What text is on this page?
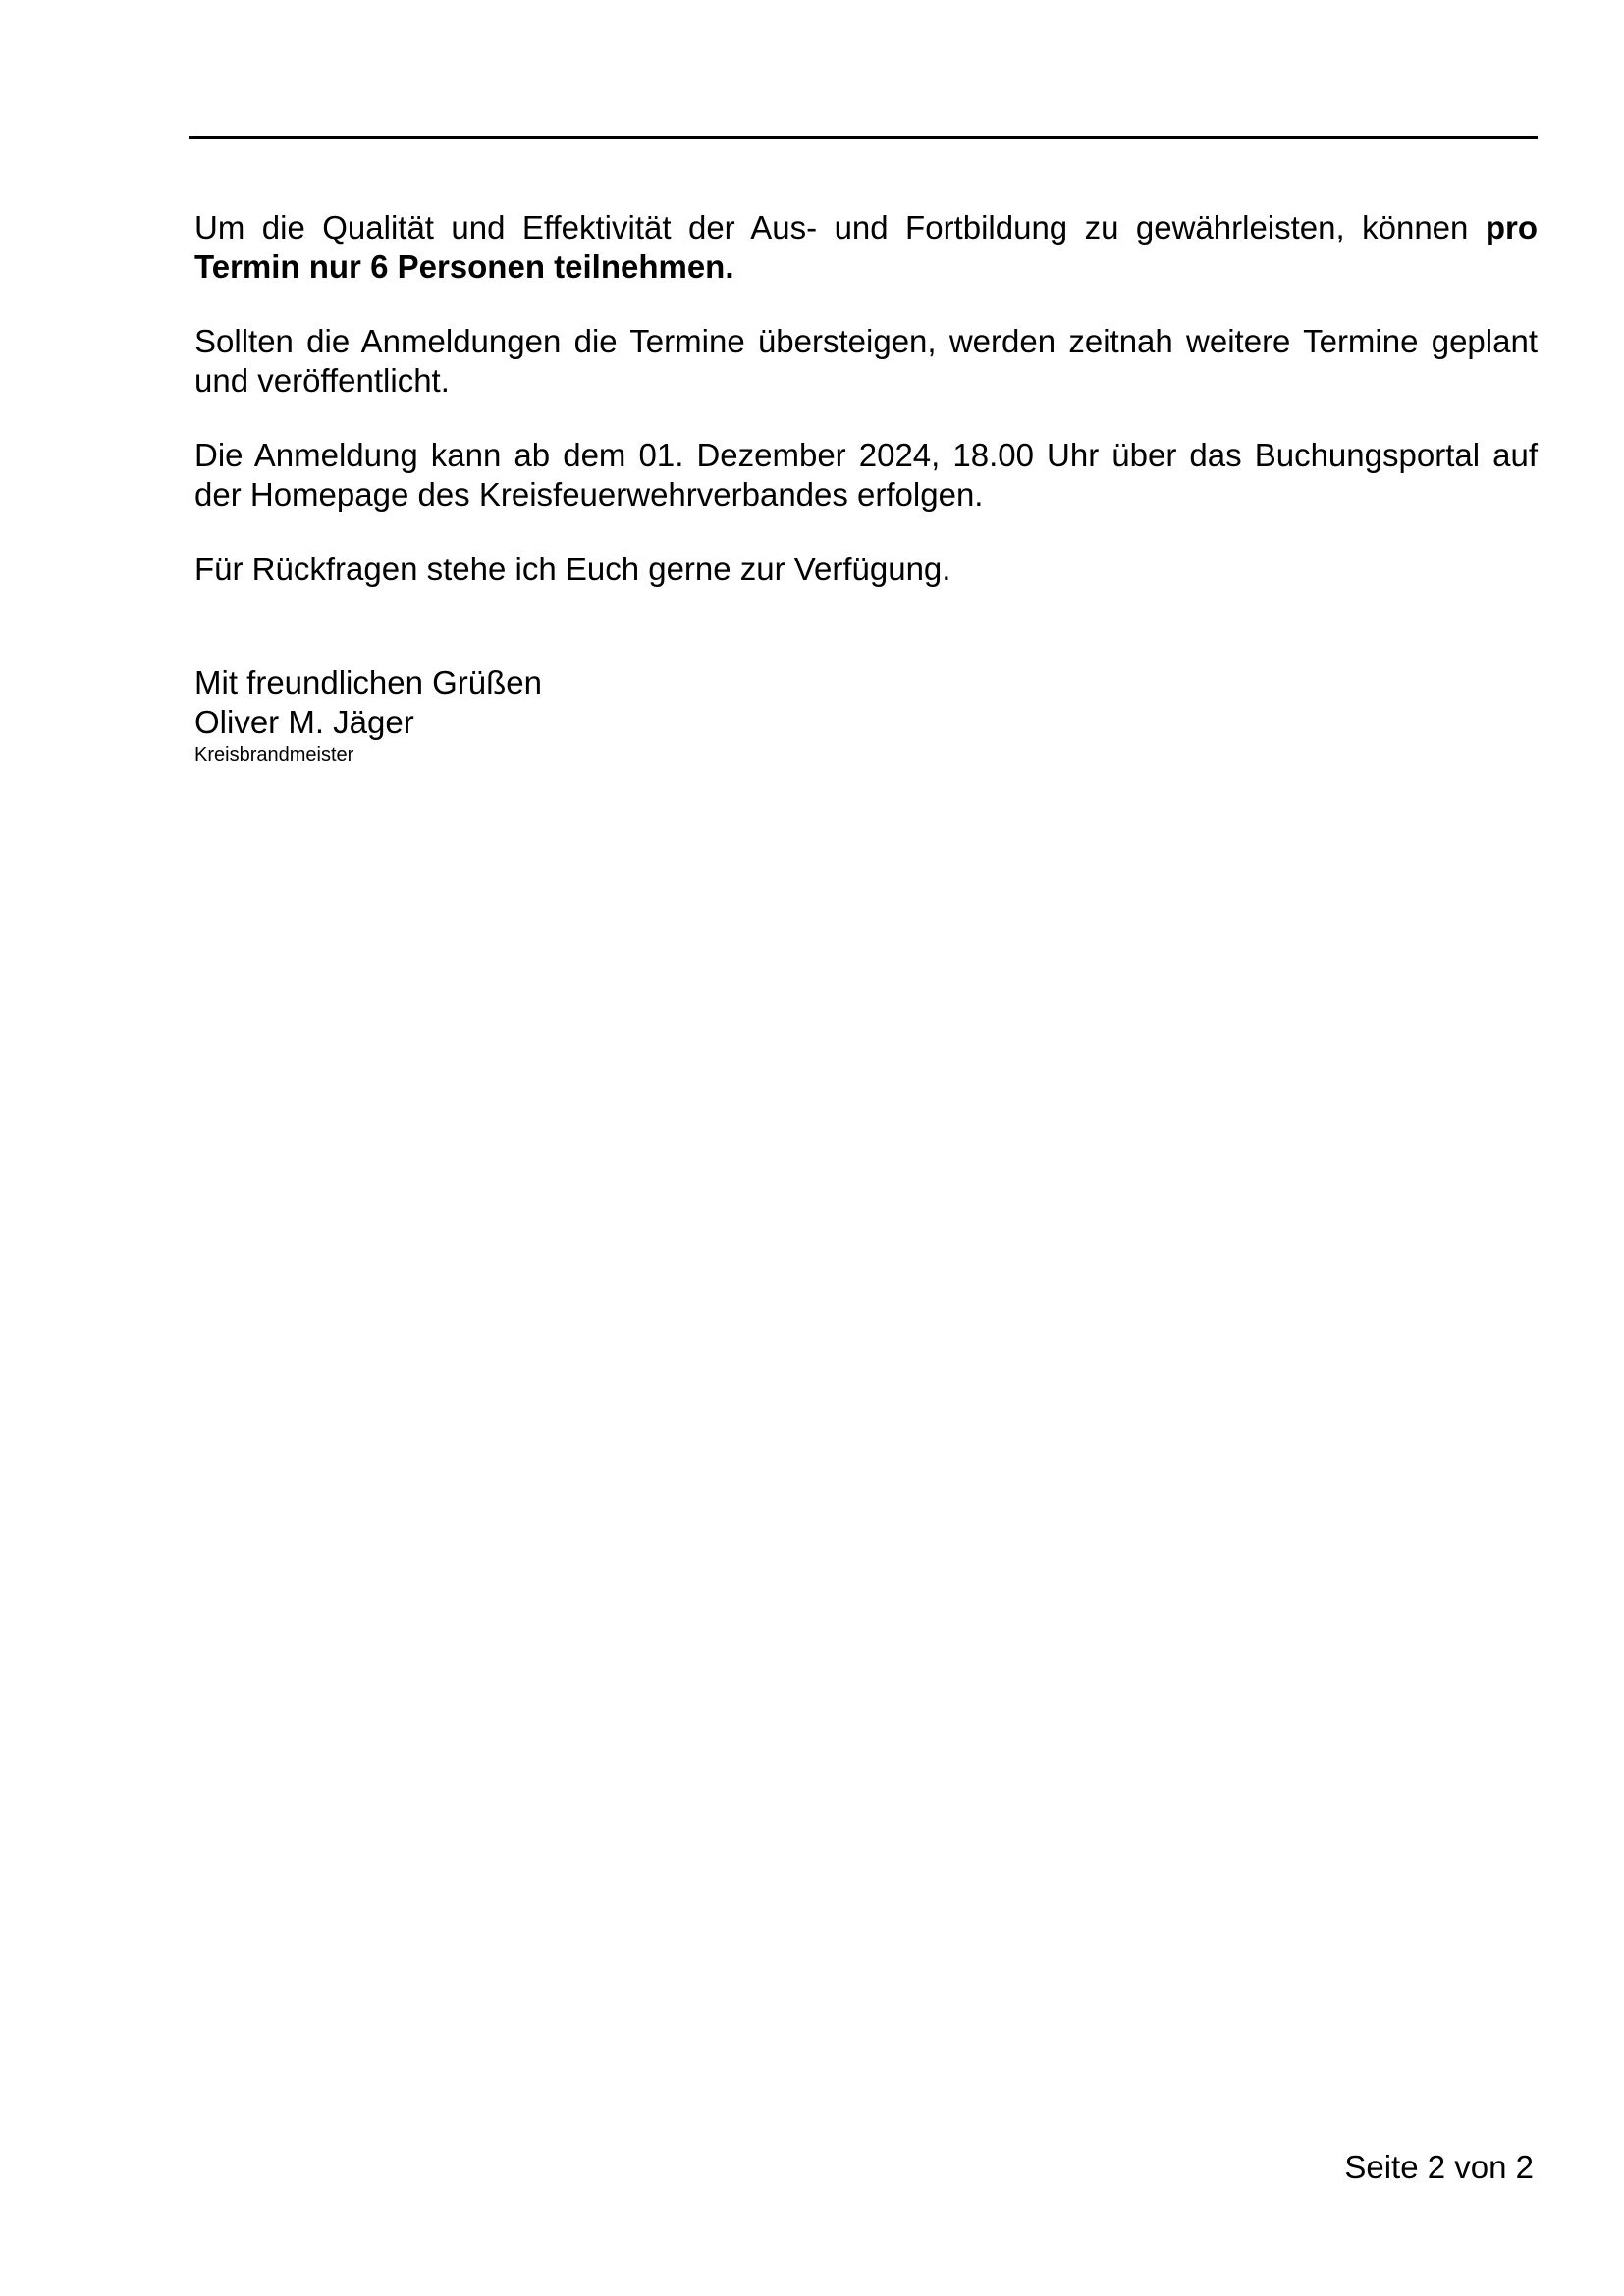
Um die Qualität und Effektivität der Aus- und Fortbildung zu gewährleisten, können pro Termin nur 6 Personen teilnehmen.

Sollten die Anmeldungen die Termine übersteigen, werden zeitnah weitere Termine geplant und veröffentlicht.

Die Anmeldung kann ab dem 01. Dezember 2024, 18.00 Uhr über das Buchungsportal auf der Homepage des Kreisfeuerwehrverbandes erfolgen.

Für Rückfragen stehe ich Euch gerne zur Verfügung.

Mit freundlichen Grüßen
Oliver M. Jäger
Kreisbrandmeister
Seite 2 von 2
